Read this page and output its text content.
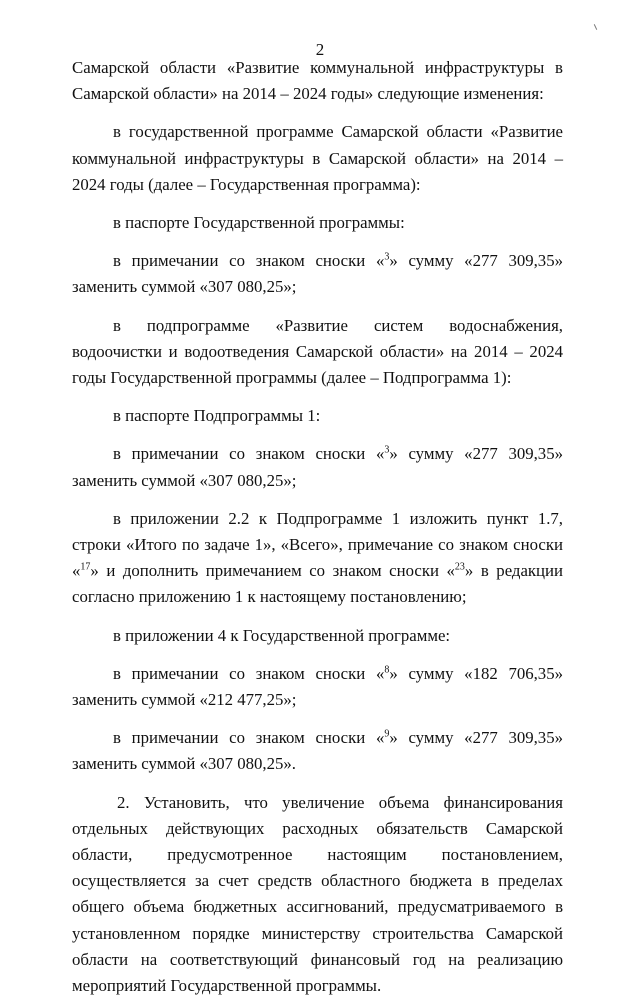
2

Самарской области «Развитие коммунальной инфраструктуры в Самарской области» на 2014 – 2024 годы» следующие изменения:

в государственной программе Самарской области «Развитие коммунальной инфраструктуры в Самарской области» на 2014 – 2024 годы (далее – Государственная программа):

в паспорте Государственной программы:

в примечании со знаком сноски «$^3$» сумму «277 309,35» заменить суммой «307 080,25»;

в подпрограмме «Развитие систем водоснабжения, водоочистки и водоотведения Самарской области» на 2014 – 2024 годы Государственной программы (далее – Подпрограмма 1):

в паспорте Подпрограммы 1:

в примечании со знаком сноски «$^3$» сумму «277 309,35» заменить суммой «307 080,25»;

в приложении 2.2 к Подпрограмме 1 изложить пункт 1.7, строки «Итого по задаче 1», «Всего», примечание со знаком сноски «$^{17}$» и дополнить примечанием со знаком сноски «$^{23}$» в редакции согласно приложению 1 к настоящему постановлению;

в приложении 4 к Государственной программе:

в примечании со знаком сноски «$^8$» сумму «182 706,35» заменить суммой «212 477,25»;

в примечании со знаком сноски «$^9$» сумму «277 309,35» заменить суммой «307 080,25».

2. Установить, что увеличение объема финансирования отдельных действующих расходных обязательств Самарской области, предусмотренное настоящим постановлением, осуществляется за счет средств областного бюджета в пределах общего объема бюджетных ассигнований, предусматриваемого в установленном порядке министерству строительства Самарской области на соответствующий финансовый год на реализацию мероприятий Государственной программы.
